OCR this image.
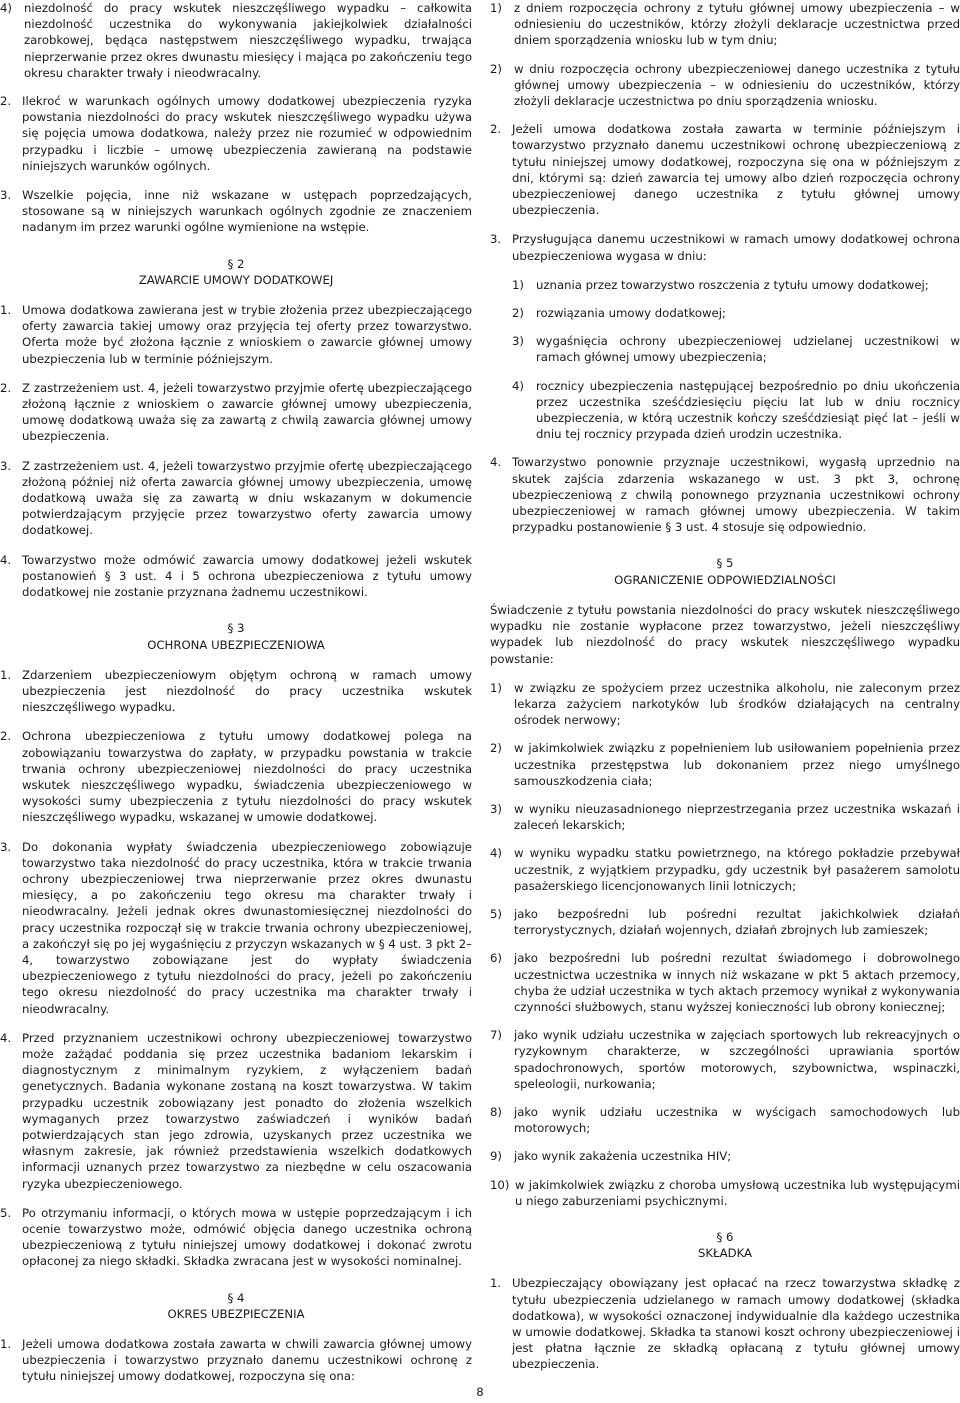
4)	niezdolność do pracy wskutek nieszczęśliwego wypadku – całkowita niezdolność uczestnika do wykonywania jakiejkolwiek działalności zarobkowej, będąca następstwem nieszczęśliwego wypadku, trwająca nieprzerwanie przez okres dwunastu miesięcy i mająca po zakończeniu tego okresu charakter trwały i nieodwracalny.
2. Ilekroć w warunkach ogólnych umowy dodatkowej ubezpieczenia ryzyka powstania niezdolności do pracy wskutek nieszczęśliwego wypadku używa się pojęcia umowa dodatkowa, należy przez nie rozumieć w odpowiednim przypadku i liczbie – umowę ubezpieczenia zawieraną na podstawie niniejszych warunków ogólnych.
3. Wszelkie pojęcia, inne niż wskazane w ustępach poprzedzających, stosowane są w niniejszych warunkach ogólnych zgodnie ze znaczeniem nadanym im przez warunki ogólne wymienione na wstępie.
§ 2
ZAWARCIE UMOWY DODATKOWEJ
1. Umowa dodatkowa zawierana jest w trybie złożenia przez ubezpieczającego oferty zawarcia takiej umowy oraz przyjęcia tej oferty przez towarzystwo. Oferta może być złożona łącznie z wnioskiem o zawarcie głównej umowy ubezpieczenia lub w terminie późniejszym.
2. Z zastrzeżeniem ust. 4, jeżeli towarzystwo przyjmie ofertę ubezpieczającego złożoną łącznie z wnioskiem o zawarcie głównej umowy ubezpieczenia, umowę dodatkową uważa się za zawartą z chwilą zawarcia głównej umowy ubezpieczenia.
3. Z zastrzeżeniem ust. 4, jeżeli towarzystwo przyjmie ofertę ubezpieczającego złożoną później niż oferta zawarcia głównej umowy ubezpieczenia, umowę dodatkową uważa się za zawartą w dniu wskazanym w dokumencie potwierdzającym przyjęcie przez towarzystwo oferty zawarcia umowy dodatkowej.
4. Towarzystwo może odmówić zawarcia umowy dodatkowej jeżeli wskutek postanowień § 3 ust. 4 i 5 ochrona ubezpieczeniowa z tytułu umowy dodatkowej nie zostanie przyznana żadnemu uczestnikowi.
§ 3
OCHRONA UBEZPIECZENIOWA
1. Zdarzeniem ubezpieczeniowym objętym ochroną w ramach umowy ubezpieczenia jest niezdolność do pracy uczestnika wskutek nieszczęśliwego wypadku.
2. Ochrona ubezpieczeniowa z tytułu umowy dodatkowej polega na zobowiązaniu towarzystwa do zapłaty, w przypadku powstania w trakcie trwania ochrony ubezpieczeniowej niezdolności do pracy uczestnika wskutek nieszczęśliwego wypadku, świadczenia ubezpieczeniowego w wysokości sumy ubezpieczenia z tytułu niezdolności do pracy wskutek nieszczęśliwego wypadku, wskazanej w umowie dodatkowej.
3. Do dokonania wypłaty świadczenia ubezpieczeniowego zobowiązuje towarzystwo taka niezdolność do pracy uczestnika, która w trakcie trwania ochrony ubezpieczeniowej trwa nieprzerwanie przez okres dwunastu miesięcy, a po zakończeniu tego okresu ma charakter trwały i nieodwracalny. Jeżeli jednak okres dwunastomiesięcznej niezdolności do pracy uczestnika rozpoczął się w trakcie trwania ochrony ubezpieczeniowej, a zakończył się po jej wygaśnięciu z przyczyn wskazanych w § 4 ust. 3 pkt 2–4, towarzystwo zobowiązane jest do wypłaty świadczenia ubezpieczeniowego z tytułu niezdolności do pracy, jeżeli po zakończeniu tego okresu niezdolność do pracy uczestnika ma charakter trwały i nieodwracalny.
4. Przed przyznaniem uczestnikowi ochrony ubezpieczeniowej towarzystwo może zażądać poddania się przez uczestnika badaniom lekarskim i diagnostycznym z minimalnym ryzykiem, z wyłączeniem badań genetycznych. Badania wykonane zostaną na koszt towarzystwa. W takim przypadku uczestnik zobowiązany jest ponadto do złożenia wszelkich wymaganych przez towarzystwo zaświadczeń i wyników badań potwierdzających stan jego zdrowia, uzyskanych przez uczestnika we własnym zakresie, jak również przedstawienia wszelkich dodatkowych informacji uznanych przez towarzystwo za niezbędne w celu oszacowania ryzyka ubezpieczeniowego.
5. Po otrzymaniu informacji, o których mowa w ustępie poprzedzającym i ich ocenie towarzystwo może, odmówić objęcia danego uczestnika ochroną ubezpieczeniową z tytułu niniejszej umowy dodatkowej i dokonać zwrotu opłaconej za niego składki. Składka zwracana jest w wysokości nominalnej.
§ 4
OKRES UBEZPIECZENIA
1. Jeżeli umowa dodatkowa została zawarta w chwili zawarcia głównej umowy ubezpieczenia i towarzystwo przyznało danemu uczestnikowi ochronę z tytułu niniejszej umowy dodatkowej, rozpoczyna się ona:
1)	z dniem rozpoczęcia ochrony z tytułu głównej umowy ubezpieczenia – w odniesieniu do uczestników, którzy złożyli deklaracje uczestnictwa przed dniem sporządzenia wniosku lub w tym dniu;
2)	w dniu rozpoczęcia ochrony ubezpieczeniowej danego uczestnika z tytułu głównej umowy ubezpieczenia – w odniesieniu do uczestników, którzy złożyli deklaracje uczestnictwa po dniu sporządzenia wniosku.
2. Jeżeli umowa dodatkowa została zawarta w terminie późniejszym i towarzystwo przyznało danemu uczestnikowi ochronę ubezpieczeniową z tytułu niniejszej umowy dodatkowej, rozpoczyna się ona w późniejszym z dni, którymi są: dzień zawarcia tej umowy albo dzień rozpoczęcia ochrony ubezpieczeniowej danego uczestnika z tytułu głównej umowy ubezpieczenia.
3. Przysługująca danemu uczestnikowi w ramach umowy dodatkowej ochrona ubezpieczeniowa wygasa w dniu:
1)	uznania przez towarzystwo roszczenia z tytułu umowy dodatkowej;
2)	rozwiązania umowy dodatkowej;
3)	wygaśnięcia ochrony ubezpieczeniowej udzielanej uczestnikowi w ramach głównej umowy ubezpieczenia;
4)	rocznicy ubezpieczenia następującej bezpośrednio po dniu ukończenia przez uczestnika sześćdziesięciu pięciu lat lub w dniu rocznicy ubezpieczenia, w którą uczestnik kończy sześćdziesiąt pięć lat – jeśli w dniu tej rocznicy przypada dzień urodzin uczestnika.
4. Towarzystwo ponownie przyznaje uczestnikowi, wygasłą uprzednio na skutek zajścia zdarzenia wskazanego w ust. 3 pkt 3, ochronę ubezpieczeniową z chwilą ponownego przyznania uczestnikowi ochrony ubezpieczeniowej w ramach głównej umowy ubezpieczenia. W takim przypadku postanowienie § 3 ust. 4 stosuje się odpowiednio.
§ 5
OGRANICZENIE ODPOWIEDZIALNOŚCI
Świadczenie z tytułu powstania niezdolności do pracy wskutek nieszczęśliwego wypadku nie zostanie wypłacone przez towarzystwo, jeżeli nieszczęśliwy wypadek lub niezdolność do pracy wskutek nieszczęśliwego wypadku powstanie:
1)	w związku ze spożyciem przez uczestnika alkoholu, nie zaleconym przez lekarza zażyciem narkotyków lub środków działających na centralny ośrodek nerwowy;
2)	w jakimkolwiek związku z popełnieniem lub usiłowaniem popełnienia przez uczestnika przestępstwa lub dokonaniem przez niego umyślnego samouszkodzenia ciała;
3)	w wyniku nieuzasadnionego nieprzestrzegania przez uczestnika wskazań i zaleceń lekarskich;
4)	w wyniku wypadku statku powietrznego, na którego pokładzie przebywał uczestnik, z wyjątkiem przypadku, gdy uczestnik był pasażerem samolotu pasażerskiego licencjonowanych linii lotniczych;
5)	jako bezpośredni lub pośredni rezultat jakichkolwiek działań terrorystycznych, działań wojennych, działań zbrojnych lub zamieszek;
6)	jako bezpośredni lub pośredni rezultat świadomego i dobrowolnego uczestnictwa uczestnika w innych niż wskazane w pkt 5 aktach przemocy, chyba że udział uczestnika w tych aktach przemocy wynikał z wykonywania czynności służbowych, stanu wyższej konieczności lub obrony koniecznej;
7)	jako wynik udziału uczestnika w zajęciach sportowych lub rekreacyjnych o ryzykownym charakterze, w szczególności uprawiania sportów spadochronowych, sportów motorowych, szybownictwa, wspinaczki, speleologii, nurkowania;
8)	jako wynik udziału uczestnika w wyścigach samochodowych lub motorowych;
9)	jako wynik zakażenia uczestnika HIV;
10) w jakimkolwiek związku z choroba umysłową uczestnika lub występującymi u niego zaburzeniami psychicznymi.
§ 6
SKŁADKA
1. Ubezpieczający obowiązany jest opłacać na rzecz towarzystwa składkę z tytułu ubezpieczenia udzielanego w ramach umowy dodatkowej (składka dodatkowa), w wysokości oznaczonej indywidualnie dla każdego uczestnika w umowie dodatkowej. Składka ta stanowi koszt ochrony ubezpieczeniowej i jest płatna łącznie ze składką opłacaną z tytułu głównej umowy ubezpieczenia.
8
